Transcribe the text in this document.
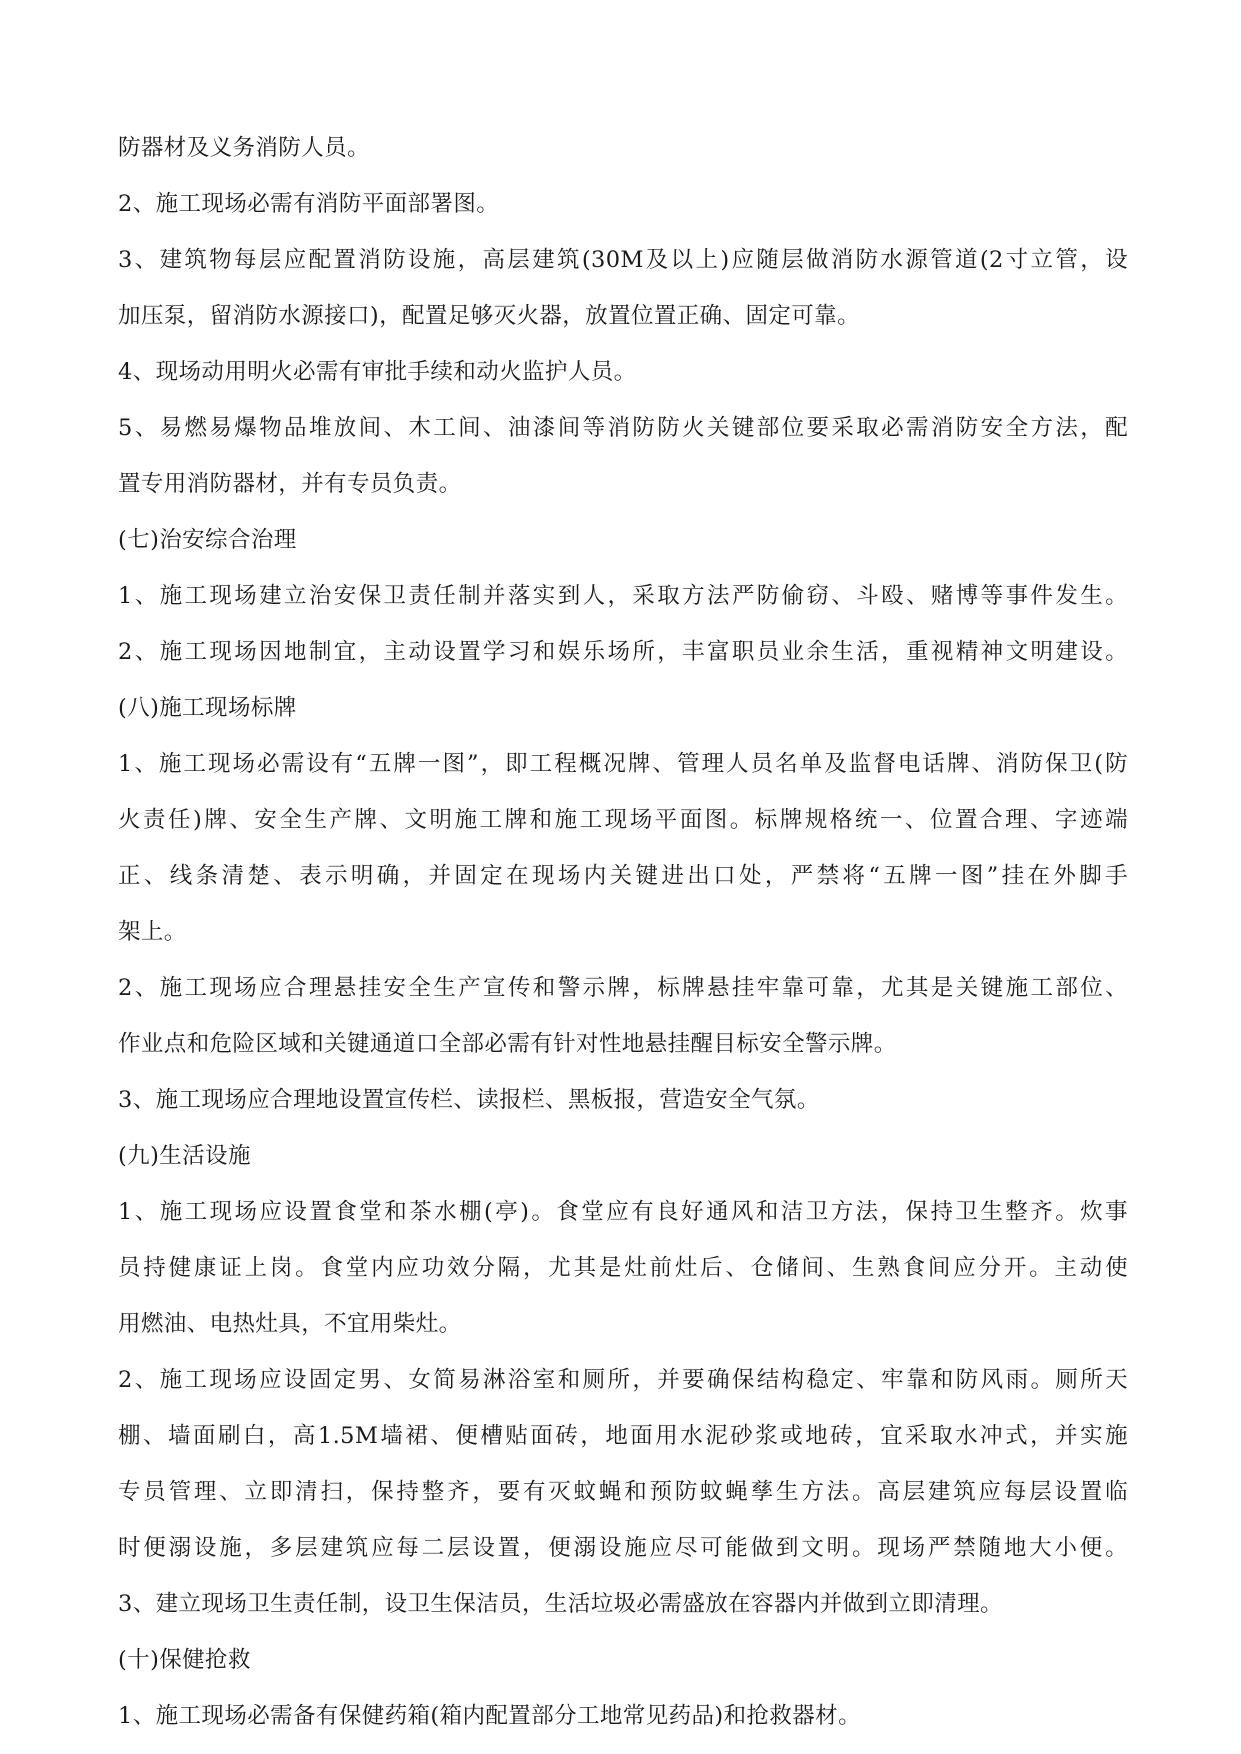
防器材及义务消防人员。
2、施工现场必需有消防平面部署图。
3、建筑物每层应配置消防设施，高层建筑(30M及以上)应随层做消防水源管道(2寸立管，设
加压泵，留消防水源接口)，配置足够灭火器，放置位置正确、固定可靠。
4、现场动用明火必需有审批手续和动火监护人员。
5、易燃易爆物品堆放间、木工间、油漆间等消防防火关键部位要采取必需消防安全方法，配
置专用消防器材，并有专员负责。
(七)治安综合治理
1、施工现场建立治安保卫责任制并落实到人，采取方法严防偷窃、斗殴、赌博等事件发生。
2、施工现场因地制宜，主动设置学习和娱乐场所，丰富职员业余生活，重视精神文明建设。
(八)施工现场标牌
1、施工现场必需设有“五牌一图”，即工程概况牌、管理人员名单及监督电话牌、消防保卫(防
火责任)牌、安全生产牌、文明施工牌和施工现场平面图。标牌规格统一、位置合理、字迹端
正、线条清楚、表示明确，并固定在现场内关键进出口处，严禁将“五牌一图”挂在外脚手
架上。
2、施工现场应合理悬挂安全生产宣传和警示牌，标牌悬挂牢靠可靠，尤其是关键施工部位、
作业点和危险区域和关键通道口全部必需有针对性地悬挂醒目标安全警示牌。
3、施工现场应合理地设置宣传栏、读报栏、黑板报，营造安全气氛。
(九)生活设施
1、施工现场应设置食堂和茶水棚(亭)。食堂应有良好通风和洁卫方法，保持卫生整齐。炊事
员持健康证上岗。食堂内应功效分隔，尤其是灶前灶后、仓储间、生熟食间应分开。主动使
用燃油、电热灶具，不宜用柴灶。
2、施工现场应设固定男、女简易淋浴室和厕所，并要确保结构稳定、牢靠和防风雨。厕所天
棚、墙面刷白，高1.5M墙裙、便槽贴面砖，地面用水泥砂浆或地砖，宜采取水冲式，并实施
专员管理、立即清扫，保持整齐，要有灭蚊蝇和预防蚊蝇孳生方法。高层建筑应每层设置临
时便溺设施，多层建筑应每二层设置，便溺设施应尽可能做到文明。现场严禁随地大小便。
3、建立现场卫生责任制，设卫生保洁员，生活垃圾必需盛放在容器内并做到立即清理。
(十)保健抢救
1、施工现场必需备有保健药箱(箱内配置部分工地常见药品)和抢救器材。
